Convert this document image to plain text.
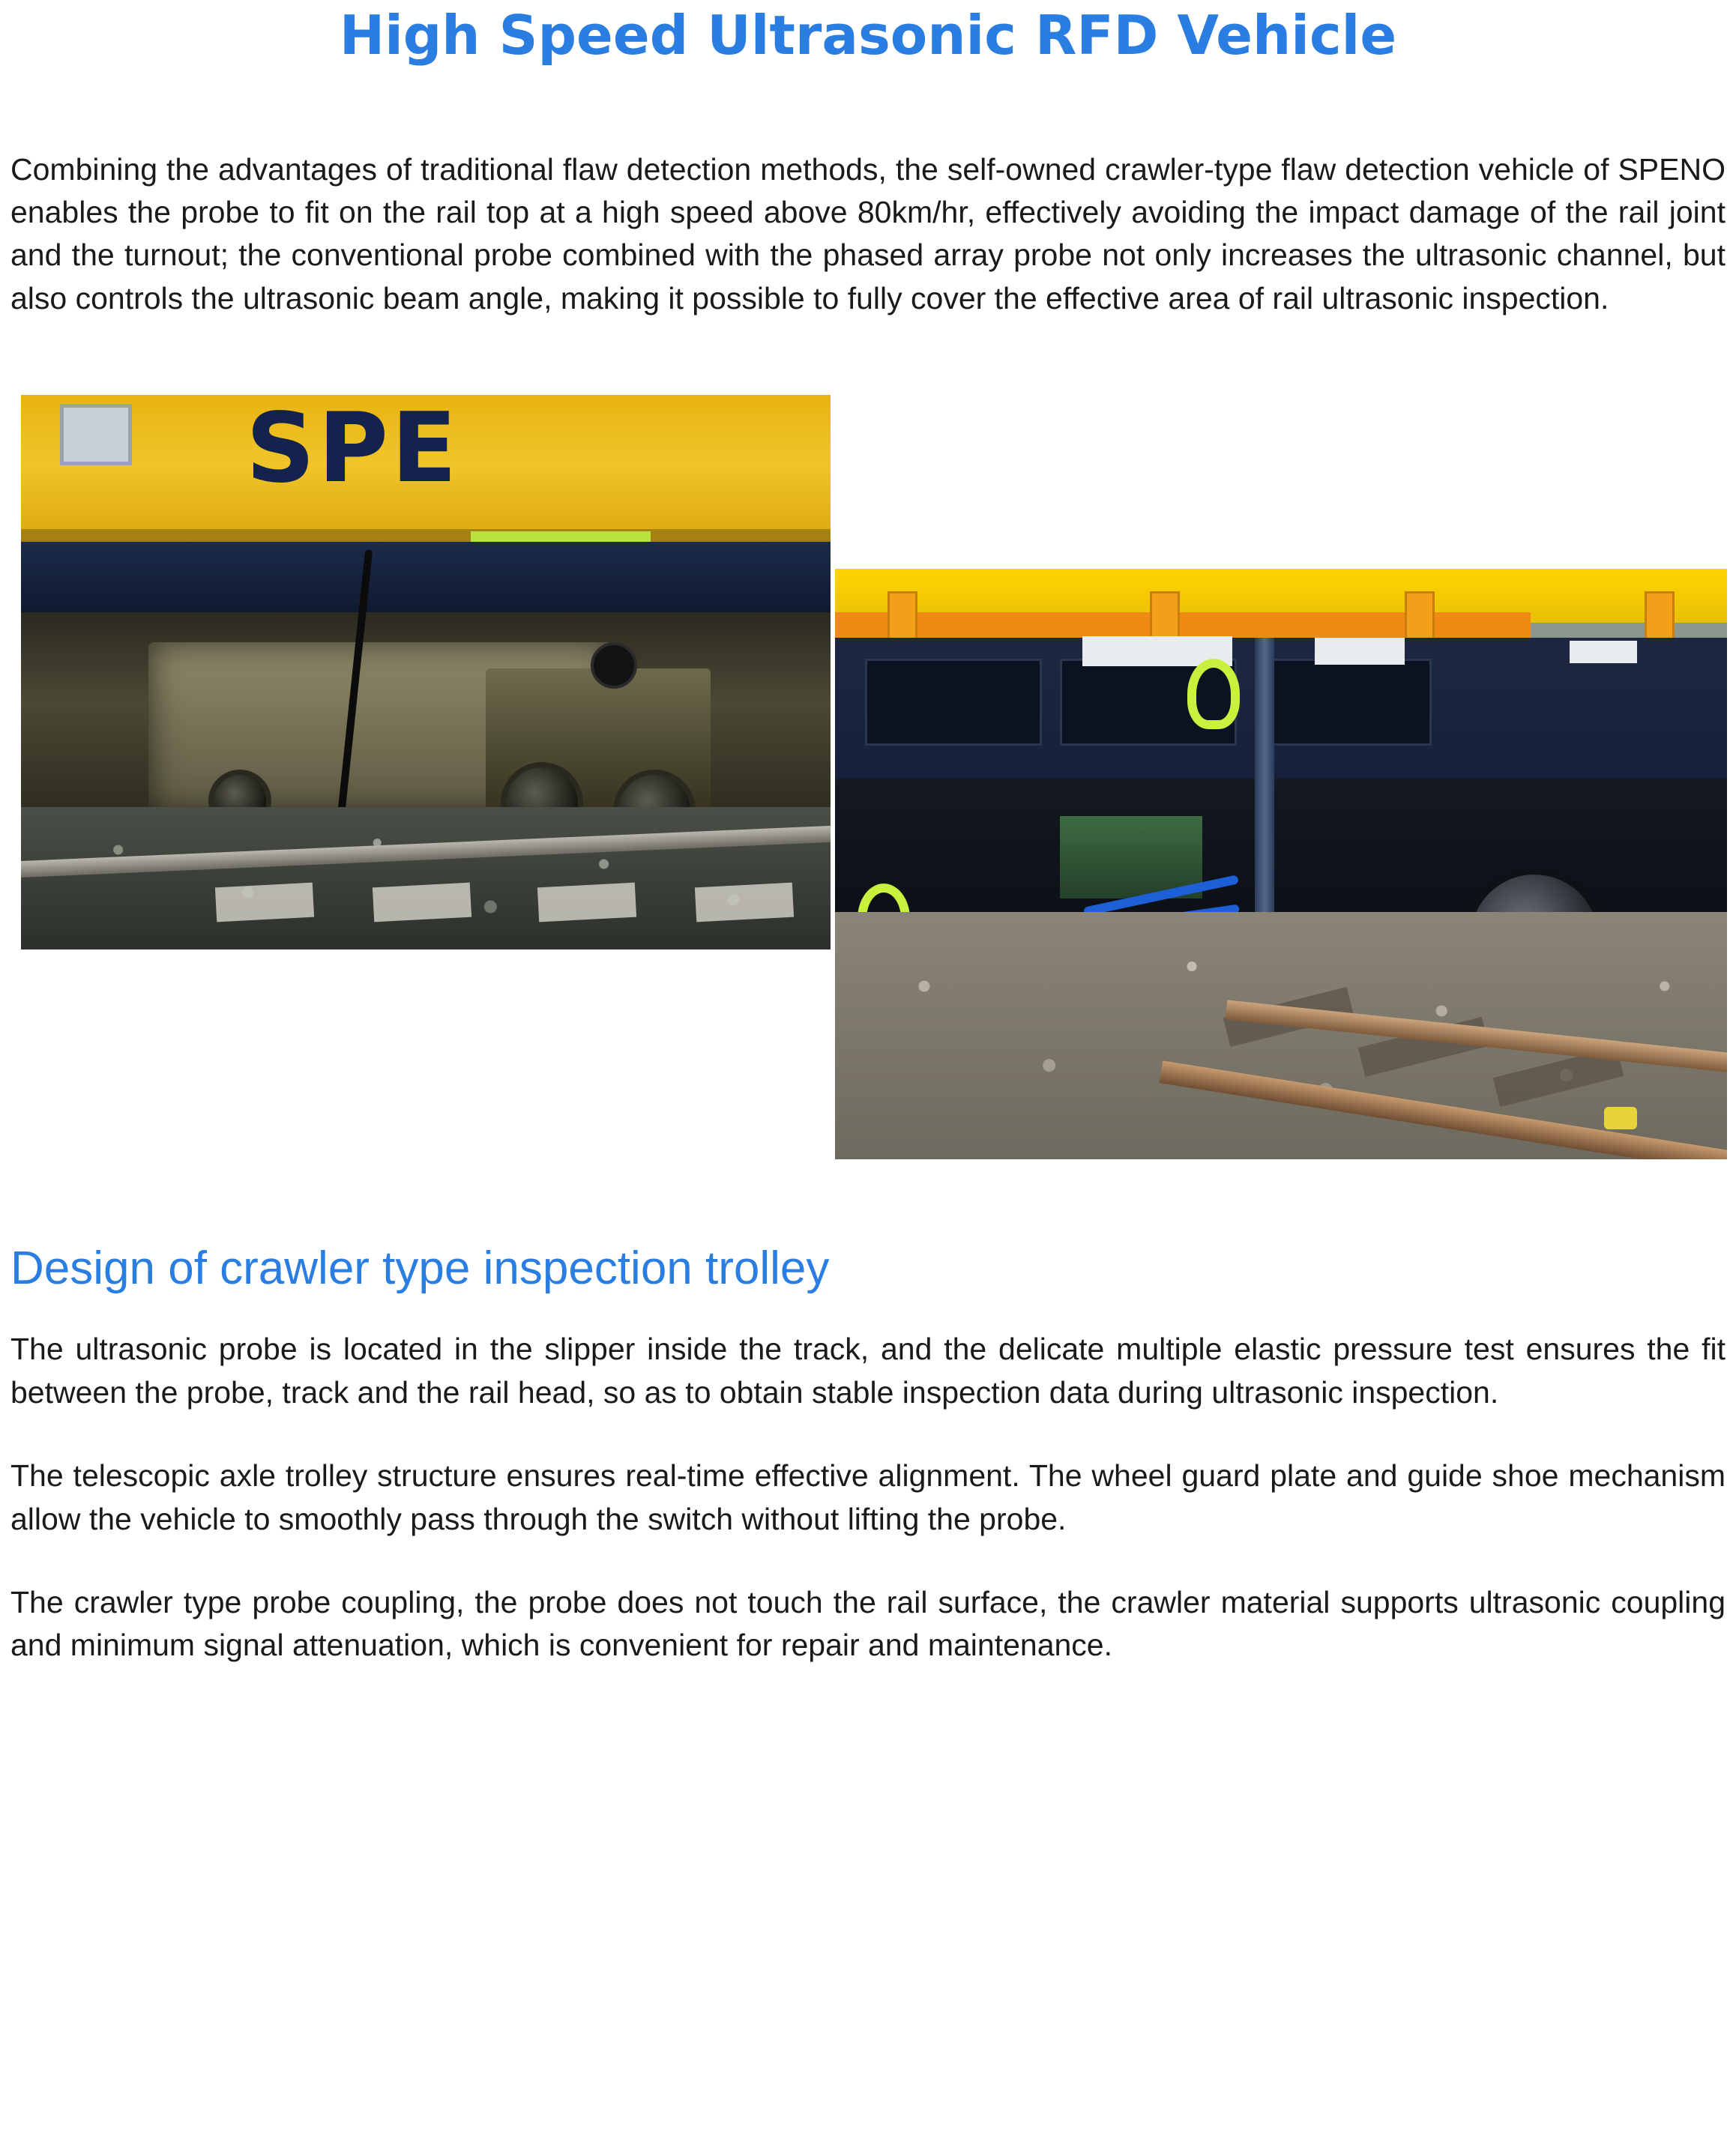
High Speed Ultrasonic RFD Vehicle

Combining the advantages of traditional flaw detection methods, the self-owned crawler-type flaw detection vehicle of SPENO enables the probe to fit on the rail top at a high speed above 80km/hr, effectively avoiding the impact damage of the rail joint and the turnout; the conventional probe combined with the phased array probe not only increases the ultrasonic channel, but also controls the ultrasonic beam angle, making it possible to fully cover the effective area of rail ultrasonic inspection.

SPE
Design of crawler type inspection trolley

The ultrasonic probe is located in the slipper inside the track, and the delicate multiple elastic pressure test ensures the fit between the probe, track and the rail head, so as to obtain stable inspection data during ultrasonic inspection.

The telescopic axle trolley structure ensures real-time effective alignment. The wheel guard plate and guide shoe mechanism allow the vehicle to smoothly pass through the switch without lifting the probe.

The crawler type probe coupling, the probe does not touch the rail surface, the crawler material supports ultrasonic coupling and minimum signal attenuation, which is convenient for repair and maintenance.
